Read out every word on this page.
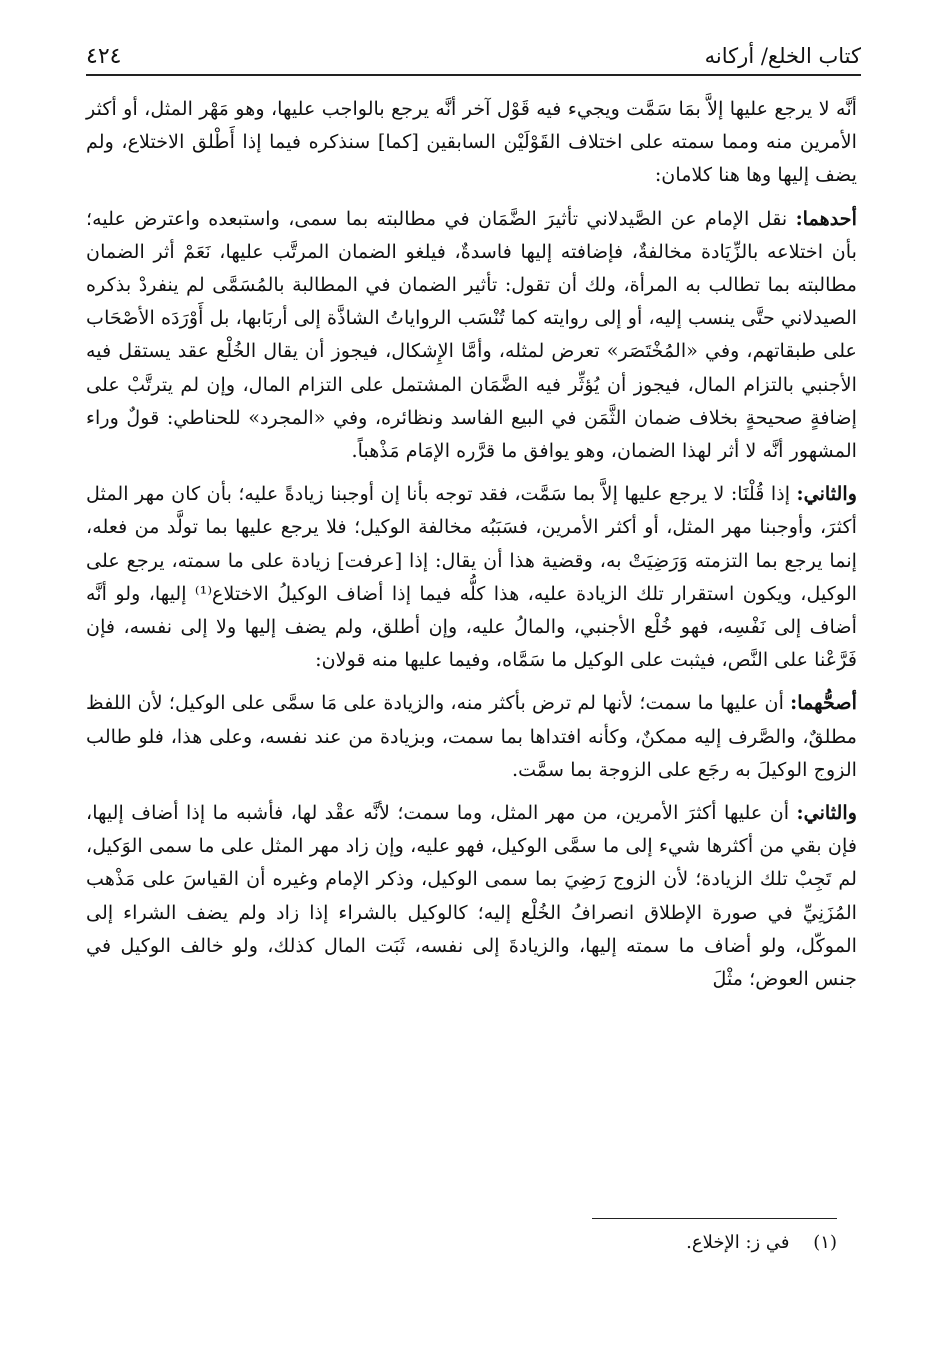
كتاب الخلع/ أركانه
٤٢٤

أنَّه لا يرجع عليها إلاَّ بمَا سَمَّت ويجيء فيه قَوْل آخر أنَّه يرجع بالواجب عليها، وهو مَهْر المثل، أو أكثر الأمرين منه ومما سمته على اختلاف القَوْلَيْن السابقين [كما] سنذكره فيما إذا أَطْلق الاختلاع، ولم يضف إليها وها هنا كلامان:

أحدهما: نقل الإمام عن الصَّيدلاني تأثيرَ الضَّمَان في مطالبته بما سمى، واستبعده واعترض عليه؛ بأن اختلاعه بالزِّيَادة مخالفةٌ، فإضافته إليها فاسدةٌ، فيلغو الضمان المرتَّب عليها، نَعَمْ أثر الضمان مطالبته بما تطالب به المرأة، ولك أن تقول: تأثير الضمان في المطالبة بالمُسَمَّى لم ينفردْ بذكره الصيدلاني حتَّى ينسب إليه، أو إلى روايته كما تُنْسَب الرواياتُ الشاذَّة إلى أربَابها، بل أَوْرَدَه الأصْحَاب على طبقاتهم، وفي «المُخْتَصَر» تعرض لمثله، وأمَّا الإِشكال، فيجوز أن يقال الخُلْع عقد يستقل فيه الأجنبي بالتزام المال، فيجوز أن يُؤثِّر فيه الضَّمَان المشتمل على التزام المال، وإن لم يترتَّبْ على إضافةٍ صحيحةٍ بخلاف ضمان الثَّمَن في البيع الفاسد ونظائره، وفي «المجرد» للحناطي: قولٌ وراء المشهور أنَّه لا أثر لهذا الضمان، وهو يوافق ما قرَّره الإمَام مَذْهباً.

والثاني: إذا قُلْنَا: لا يرجع عليها إلاَّ بما سَمَّت، فقد توجه بأنا إن أوجبنا زيادةً عليه؛ بأن كان مهر المثل أكثرَ، وأوجبنا مهر المثل، أو أكثر الأمرين، فسَبَبُه مخالفة الوكيل؛ فلا يرجع عليها بما تولَّد من فعله، إنما يرجع بما التزمته وَرَضِيَتْ به، وقضية هذا أن يقال: إذا [عرفت] زيادة على ما سمته، يرجع على الوكيل، ويكون استقرار تلك الزيادة عليه، هذا كلُّه فيما إذا أضاف الوكيلُ الاختلاع⁽¹⁾ إليها، ولو أنَّه أضاف إلى نَفْسِه، فهو خُلْع الأجنبي، والمالُ عليه، وإن أطلق، ولم يضف إليها ولا إلى نفسه، فإن فَرَّعْنا على النَّص، فيثبت على الوكيل ما سَمَّاه، وفيما عليها منه قولان:

أصحُّهما: أن عليها ما سمت؛ لأنها لم ترض بأكثر منه، والزيادة على مَا سمَّى على الوكيل؛ لأن اللفظ مطلقٌ، والصَّرف إليه ممكنٌ، وكأنه افتداها بما سمت، وبزيادة من عند نفسه، وعلى هذا، فلو طالب الزوج الوكيلَ به رجَع على الزوجة بما سمَّت.

والثاني: أن عليها أكثرَ الأمرين، من مهر المثل، وما سمت؛ لأنَّه عقْد لها، فأشبه ما إذا أضاف إليها، فإن بقي من أكثرها شيء إلى ما سمَّى الوكيل، فهو عليه، وإن زاد مهر المثل على ما سمى الوَكيل، لم تَجِبْ تلك الزيادة؛ لأن الزوج رَضِيَ بما سمى الوكيل، وذكر الإمام وغيره أن القياسَ على مَذْهب المُزَنِيِّ في صورة الإطلاق انصرافُ الخُلْع إليه؛ كالوكيل بالشراء إذا زاد ولم يضف الشراء إلى الموكّل، ولو أضاف ما سمته إليها، والزيادةَ إلى نفسه، ثَبَت المال كذلك، ولو خالف الوكيل في جنس العوض؛ مثْلَ

(١) في ز: الإخلاع.
